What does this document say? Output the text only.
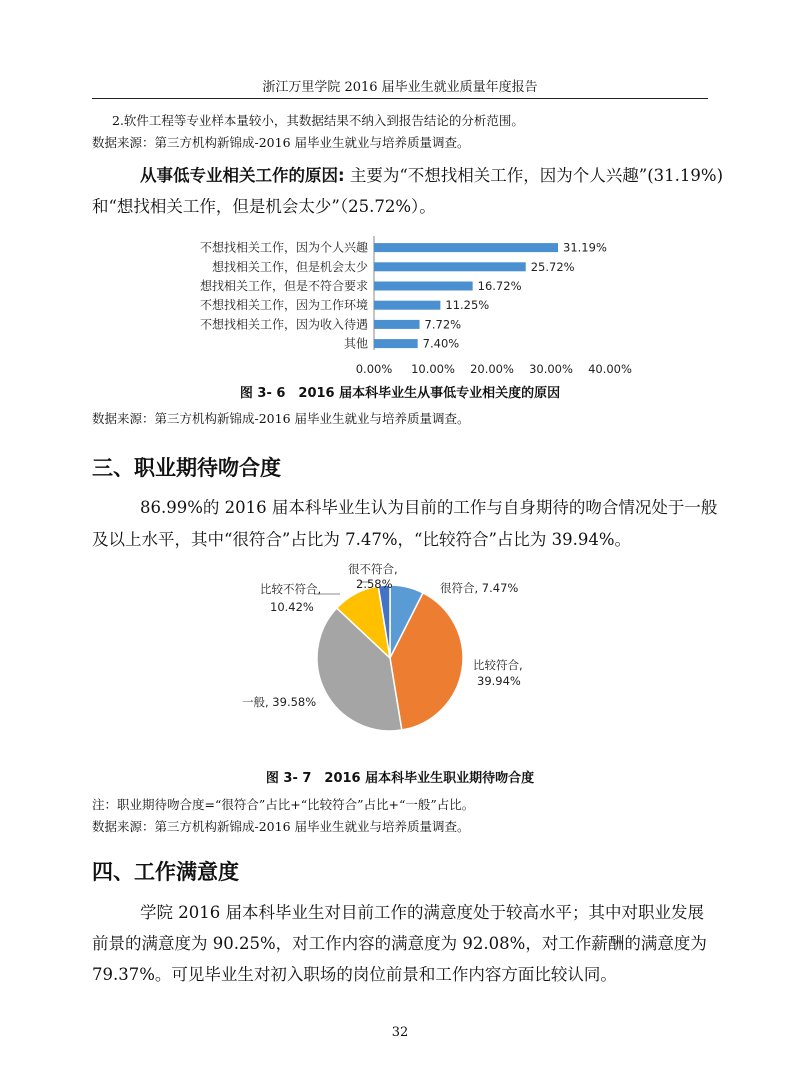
浙江万里学院 2016 届毕业生就业质量年度报告
2.软件工程等专业样本量较小，其数据结果不纳入到报告结论的分析范围。
数据来源：第三方机构新锦成-2016 届毕业生就业与培养质量调查。
从事低专业相关工作的原因: 主要为“不想找相关工作，因为个人兴趣”(31.19%)
和“想找相关工作，但是机会太少”（25.72%）。
不想找相关工作，因为个人兴趣	31.19%
想找相关工作，但是机会太少	25.72%
想找相关工作，但是不符合要求	16.72%
不想找相关工作，因为工作环境	11.25%
不想找相关工作，因为收入待遇	7.72%
其他	7.40%
0.00% 10.00% 20.00% 30.00% 40.00%
图 3- 6　2016 届本科毕业生从事低专业相关度的原因
数据来源：第三方机构新锦成-2016 届毕业生就业与培养质量调查。
三、职业期待吻合度
86.99%的 2016 届本科毕业生认为目前的工作与自身期待的吻合情况处于一般
及以上水平，其中“很符合”占比为 7.47%，“比较符合”占比为 39.94%。
很符合, 7.47%
比较符合,
39.94%
一般, 39.58%
比较不符合,
10.42%
很不符合,
2.58%
图 3- 7　2016 届本科毕业生职业期待吻合度
注：职业期待吻合度=“很符合”占比+“比较符合”占比+“一般”占比。
数据来源：第三方机构新锦成-2016 届毕业生就业与培养质量调查。
四、工作满意度
学院 2016 届本科毕业生对目前工作的满意度处于较高水平；其中对职业发展
前景的满意度为 90.25%，对工作内容的满意度为 92.08%，对工作薪酬的满意度为
79.37%。可见毕业生对初入职场的岗位前景和工作内容方面比较认同。
32
